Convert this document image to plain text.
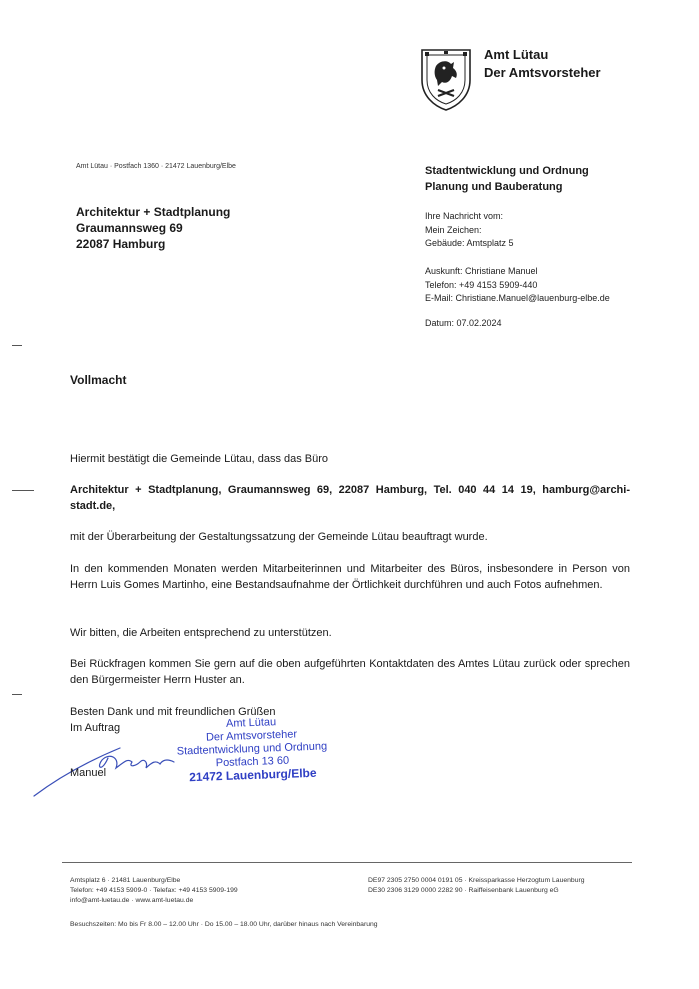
Amt Lütau
Der Amtsvorsteher
Amt Lütau · Postfach 1360 · 21472 Lauenburg/Elbe
Architektur + Stadtplanung
Graumannsweg 69
22087 Hamburg
Stadtentwicklung und Ordnung
Planung und Bauberatung
Ihre Nachricht vom:
Mein Zeichen:
Gebäude: Amtsplatz 5
Auskunft: Christiane Manuel
Telefon: +49 4153 5909-440
E-Mail: Christiane.Manuel@lauenburg-elbe.de
Datum: 07.02.2024
Vollmacht
Hiermit bestätigt die Gemeinde Lütau, dass das Büro
Architektur + Stadtplanung, Graumannsweg 69, 22087 Hamburg, Tel. 040 44 14 19, hamburg@archi-stadt.de,
mit der Überarbeitung der Gestaltungssatzung der Gemeinde Lütau beauftragt wurde.
In den kommenden Monaten werden Mitarbeiterinnen und Mitarbeiter des Büros, insbesondere in Person von Herrn Luis Gomes Martinho, eine Bestandsaufnahme der Örtlichkeit durchführen und auch Fotos aufnehmen.
Wir bitten, die Arbeiten entsprechend zu unterstützen.
Bei Rückfragen kommen Sie gern auf die oben aufgeführten Kontaktdaten des Amtes Lütau zurück oder sprechen den Bürgermeister Herrn Huster an.
Besten Dank und mit freundlichen Grüßen
Im Auftrag	Amt Lütau
Der Amtsvorsteher
Stadtentwicklung und Ordnung
Postfach 13 60
21472 Lauenburg/Elbe
Manuel
Amtsplatz 6 · 21481 Lauenburg/Elbe
Telefon: +49 4153 5909-0 · Telefax: +49 4153 5909-199
info@amt-luetau.de · www.amt-luetau.de
DE97 2305 2750 0004 0191 05 · Kreissparkasse Herzogtum Lauenburg
DE30 2306 3129 0000 2282 90 · Raiffeisenbank Lauenburg eG
Besuchszeiten: Mo bis Fr 8.00 – 12.00 Uhr · Do 15.00 – 18.00 Uhr, darüber hinaus nach Vereinbarung
